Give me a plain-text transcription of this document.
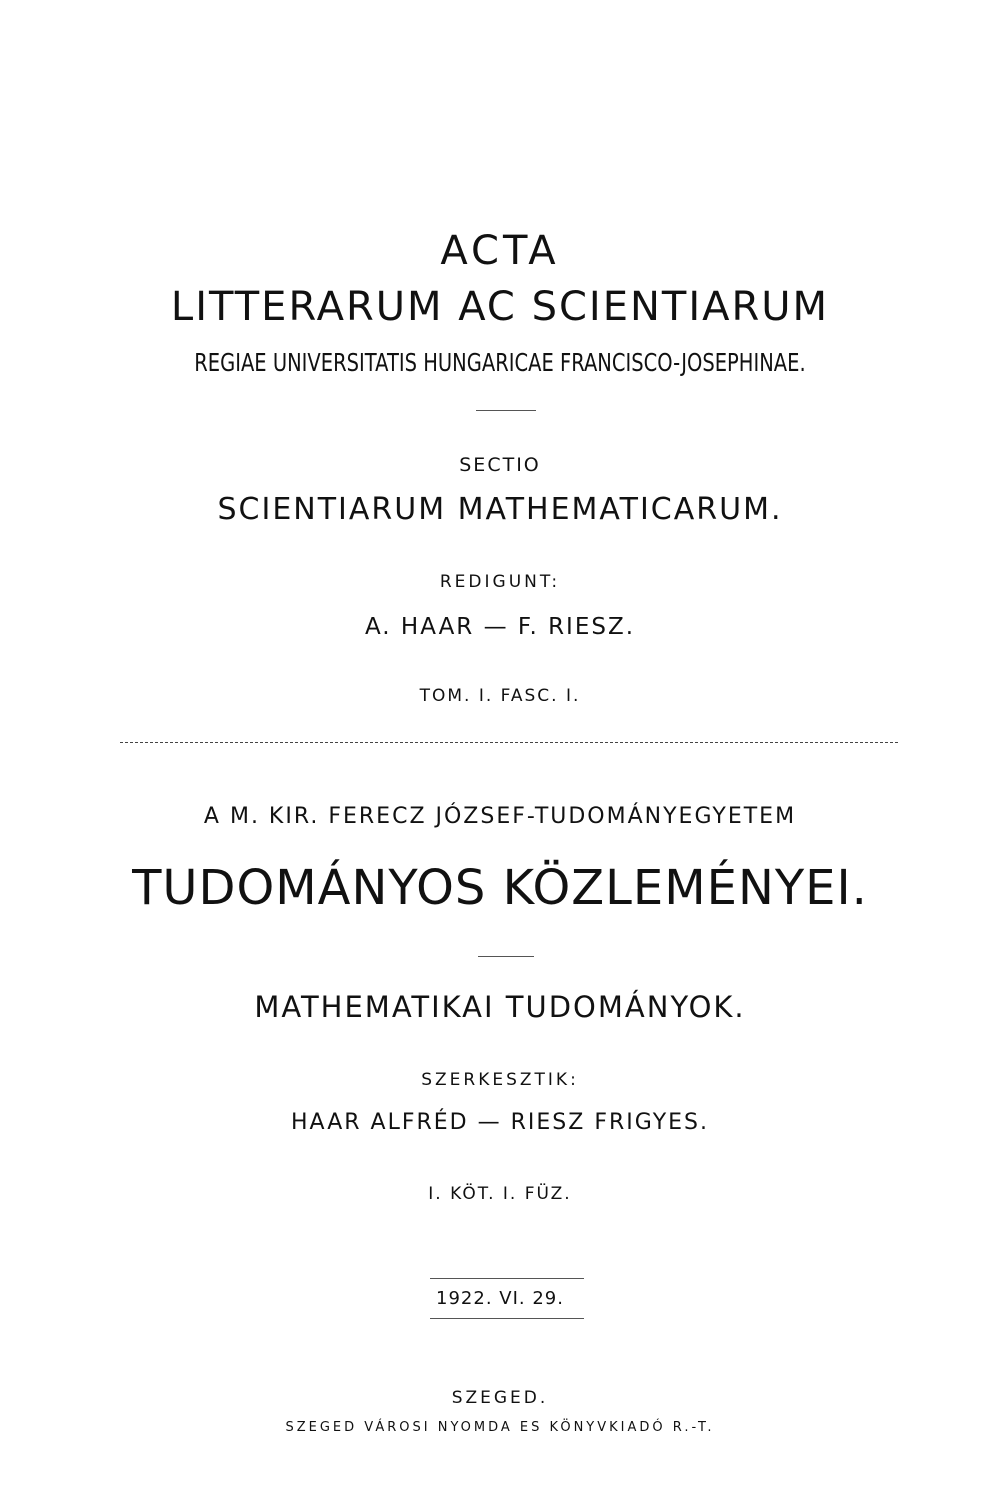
ACTA
LITTERARUM AC SCIENTIARUM
REGIAE UNIVERSITATIS HUNGARICAE FRANCISCO-JOSEPHINAE.
SECTIO
SCIENTIARUM MATHEMATICARUM.
REDIGUNT:
A. HAAR — F. RIESZ.
TOM. I. FASC. I.
A M. KIR. FERECZ JÓZSEF-TUDOMÁNYEGYETEM
TUDOMÁNYOS KÖZLEMÉNYEI.
MATHEMATIKAI TUDOMÁNYOK.
SZERKESZTIK:
HAAR ALFRÉD — RIESZ FRIGYES.
I. KÖT. I. FÜZ.
1922. VI. 29.
SZEGED.
SZEGED VÁROSI NYOMDA ES KÖNYVKIADÓ R.-T.
